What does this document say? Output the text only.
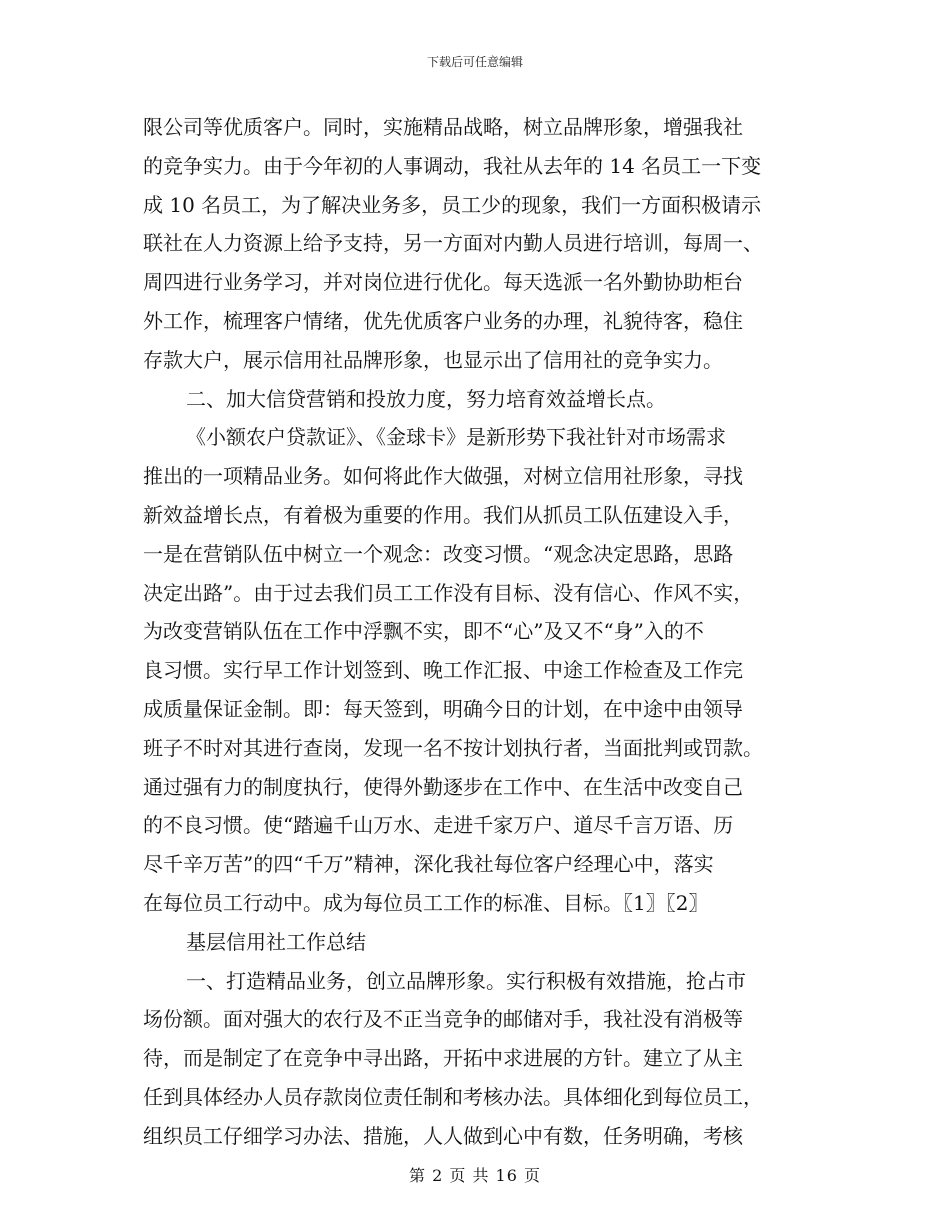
下载后可任意编辑
限公司等优质客户。同时，实施精品战略，树立品牌形象，增强我社
的竞争实力。由于今年初的人事调动，我社从去年的 14 名员工一下变
成 10 名员工，为了解决业务多，员工少的现象，我们一方面积极请示
联社在人力资源上给予支持，另一方面对内勤人员进行培训，每周一、
周四进行业务学习，并对岗位进行优化。每天选派一名外勤协助柜台
外工作，梳理客户情绪，优先优质客户业务的办理，礼貌待客，稳住
存款大户，展示信用社品牌形象，也显示出了信用社的竞争实力。
二、加大信贷营销和投放力度，努力培育效益增长点。
《小额农户贷款证》、《金球卡》是新形势下我社针对市场需求
推出的一项精品业务。如何将此作大做强，对树立信用社形象，寻找
新效益增长点，有着极为重要的作用。我们从抓员工队伍建设入手，
一是在营销队伍中树立一个观念：改变习惯。“观念决定思路，思路
决定出路”。由于过去我们员工工作没有目标、没有信心、作风不实，
为改变营销队伍在工作中浮飘不实，即不“心”及又不“身”入的不
良习惯。实行早工作计划签到、晚工作汇报、中途工作检查及工作完
成质量保证金制。即：每天签到，明确今日的计划，在中途中由领导
班子不时对其进行查岗，发现一名不按计划执行者，当面批判或罚款。
通过强有力的制度执行，使得外勤逐步在工作中、在生活中改变自己
的不良习惯。使“踏遍千山万水、走进千家万户、道尽千言万语、历
尽千辛万苦”的四“千万”精神，深化我社每位客户经理心中，落实
在每位员工行动中。成为每位员工工作的标准、目标。〖1〗〖2〗
基层信用社工作总结
一、打造精品业务，创立品牌形象。实行积极有效措施，抢占市
场份额。面对强大的农行及不正当竞争的邮储对手，我社没有消极等
待，而是制定了在竞争中寻出路，开拓中求进展的方针。建立了从主
任到具体经办人员存款岗位责任制和考核办法。具体细化到每位员工，
组织员工仔细学习办法、措施，人人做到心中有数，任务明确，考核
第 2 页 共 16 页
